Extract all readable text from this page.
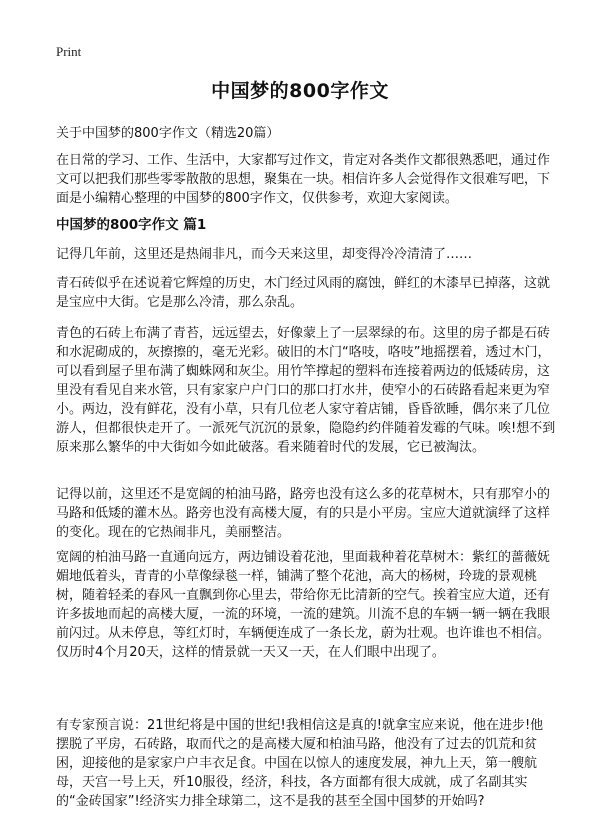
Print
中国梦的800字作文
关于中国梦的800字作文（精选20篇）

在日常的学习、工作、生活中，大家都写过作文，肯定对各类作文都很熟悉吧，通过作文可以把我们那些零零散散的思想，聚集在一块。相信许多人会觉得作文很难写吧，下面是小编精心整理的中国梦的800字作文，仅供参考，欢迎大家阅读。

中国梦的800字作文 篇1

记得几年前，这里还是热闹非凡，而今天来这里，却变得冷冷清清了……

青石砖似乎在述说着它辉煌的历史，木门经过风雨的腐蚀，鲜红的木漆早已掉落，这就是宝应中大街。它是那么冷清，那么杂乱。

青色的石砖上布满了青苔，远远望去，好像蒙上了一层翠绿的布。这里的房子都是石砖和水泥砌成的，灰擦擦的，毫无光彩。破旧的木门“咯吱，咯吱”地摇摆着，透过木门，可以看到屋子里布满了蜘蛛网和灰尘。用竹竿撑起的塑料布连接着两边的低矮砖房，这里没有看见自来水管，只有家家户户门口的那口打水井，使窄小的石砖路看起来更为窄小。两边，没有鲜花，没有小草，只有几位老人家守着店铺，昏昏欲睡，偶尔来了几位游人，但都很快走开了。一派死气沉沉的景象，隐隐约约伴随着发霉的气味。唉!想不到原来那么繁华的中大街如今如此破落。看来随着时代的发展，它已被淘汰。

记得以前，这里还不是宽阔的柏油马路，路旁也没有这么多的花草树木，只有那窄小的马路和低矮的灌木丛。路旁也没有高楼大厦，有的只是小平房。宝应大道就演绎了这样的变化。现在的它热闹非凡，美丽整洁。

宽阔的柏油马路一直通向远方，两边铺设着花池，里面栽种着花草树木：紫红的蔷薇妩媚地低着头，青青的小草像绿毯一样，铺满了整个花池，高大的杨树，玲珑的景观桃树，随着轻柔的春风一直飘到你心里去，带给你无比清新的空气。挨着宝应大道，还有许多拔地而起的高楼大厦，一流的环境，一流的建筑。川流不息的车辆一辆一辆在我眼前闪过。从未停息，等红灯时，车辆便连成了一条长龙，蔚为壮观。也许谁也不相信。仅历时4个月20天，这样的情景就一天又一天，在人们眼中出现了。

有专家预言说：21世纪将是中国的世纪!我相信这是真的!就拿宝应来说，他在进步!他摆脱了平房，石砖路，取而代之的是高楼大厦和柏油马路，他没有了过去的饥荒和贫困，迎接他的是家家户户丰衣足食。中国在以惊人的速度发展，神九上天，第一艘航母，天宫一号上天，歼10服役，经济，科技，各方面都有很大成就，成了名副其实的“金砖国家”!经济实力排全球第二，这不是我的甚至全国中国梦的开始吗?
